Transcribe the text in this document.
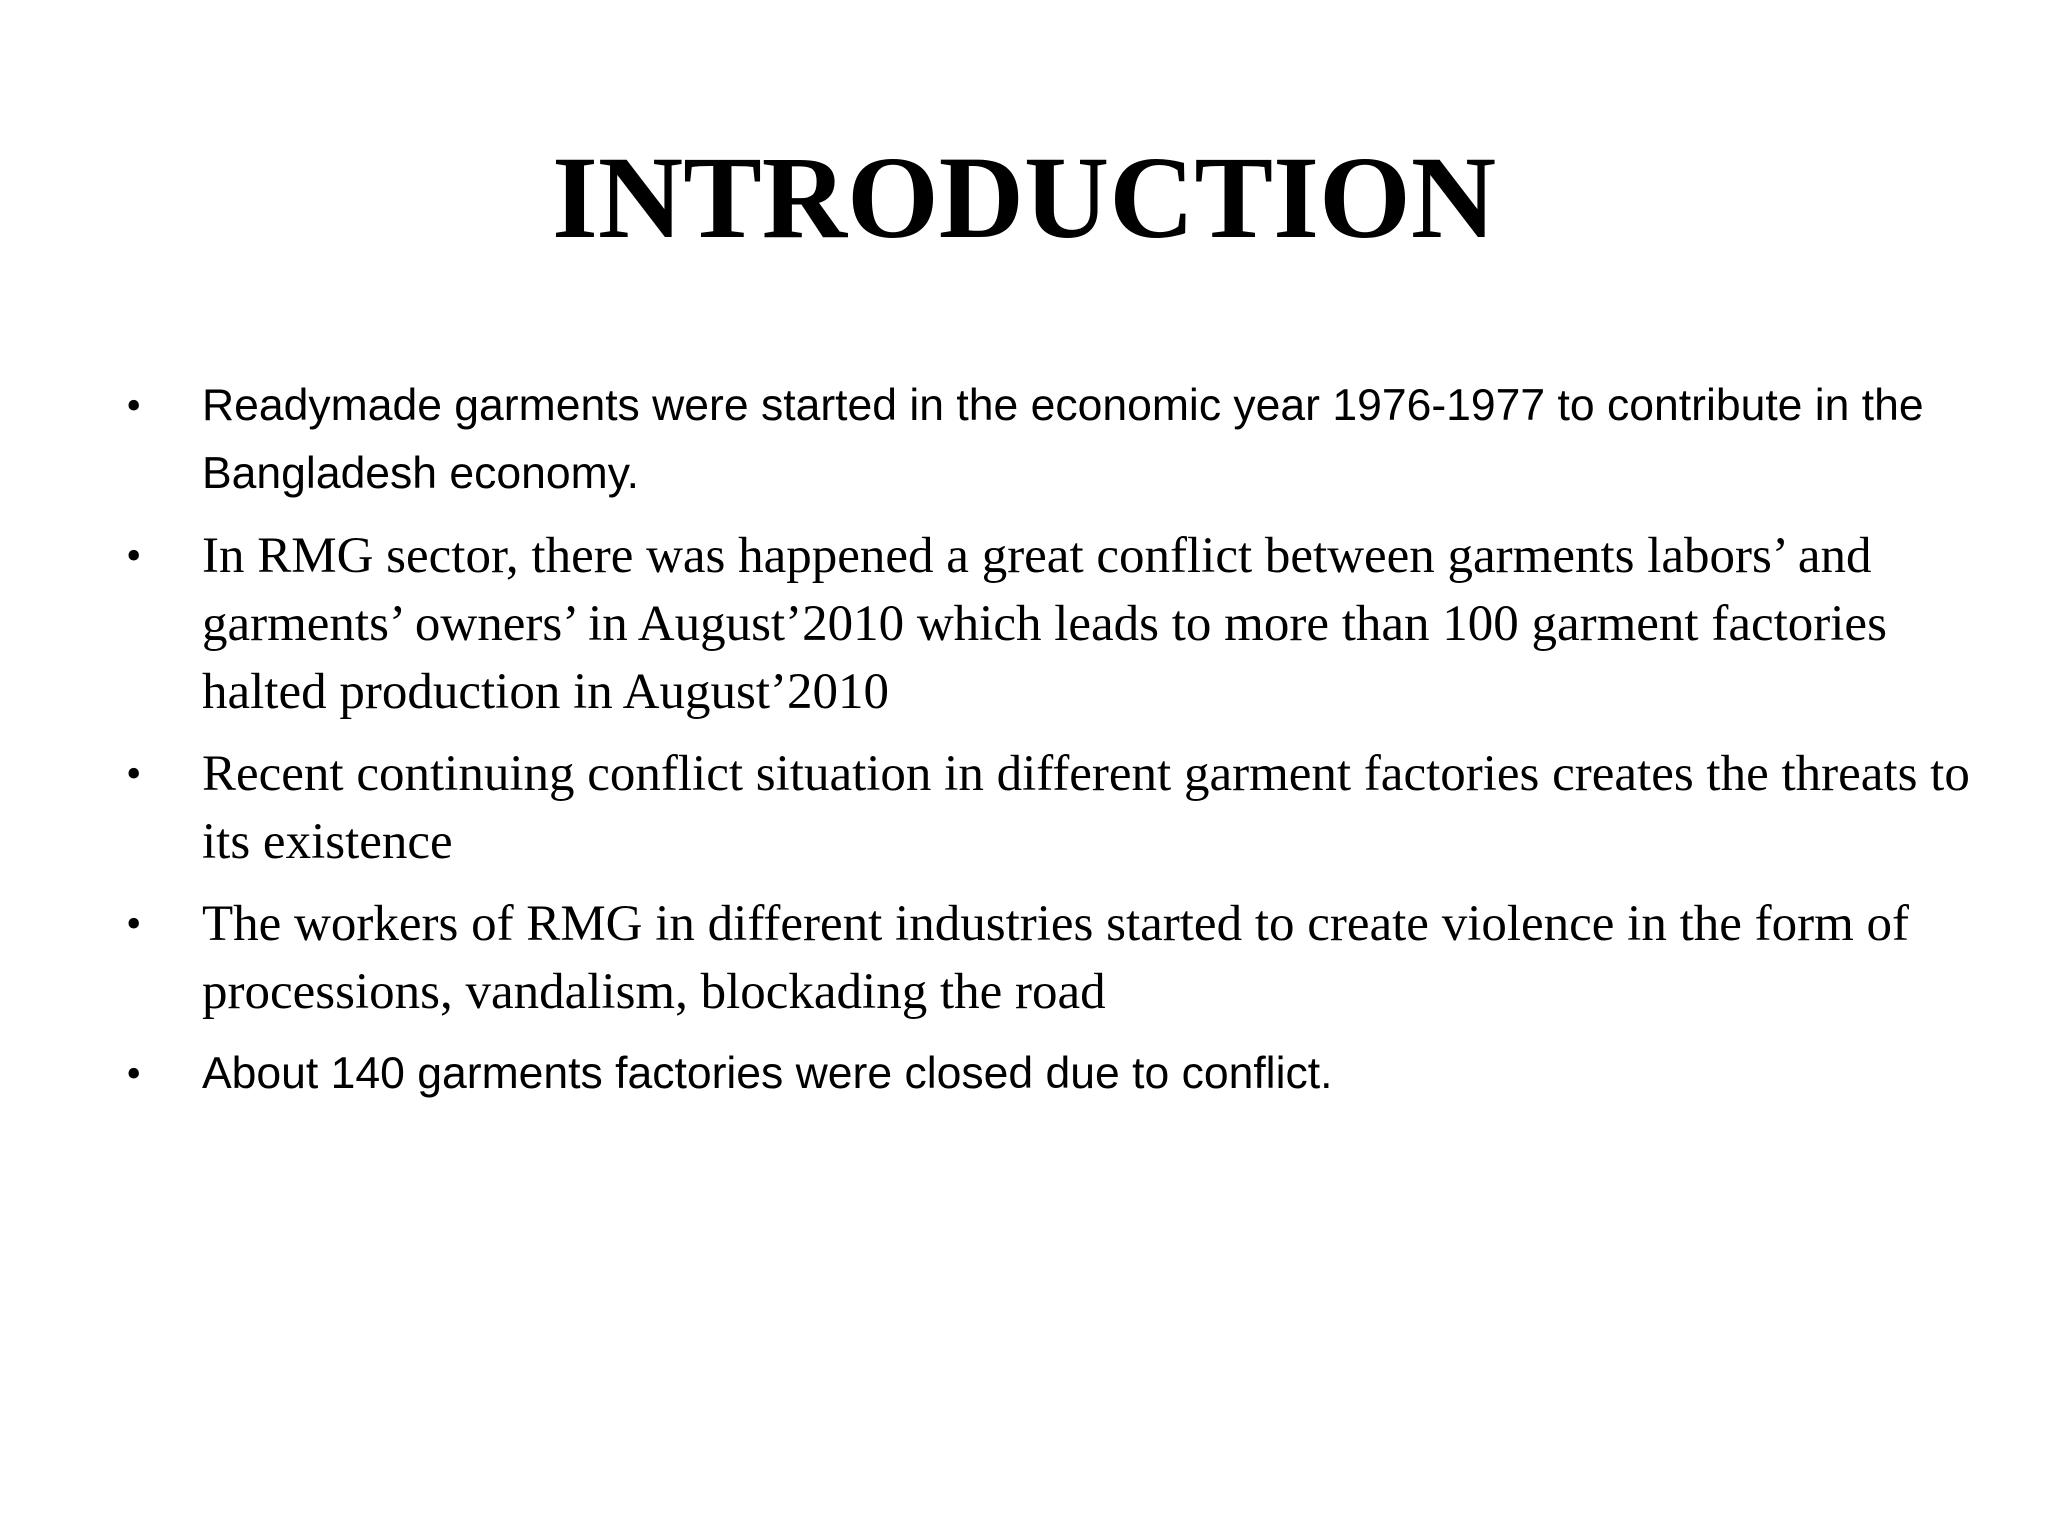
INTRODUCTION
• Readymade garments were started in the economic year 1976-1977 to contribute in the Bangladesh economy.
• In RMG sector, there was happened a great conflict between garments labors’ and garments’ owners’ in August’2010 which leads to more than 100 garment factories halted production in August’2010
• Recent continuing conflict situation in different garment factories creates the threats to its existence
• The workers of RMG in different industries started to create violence in the form of processions, vandalism, blockading the road
• About 140 garments factories were closed due to conflict.
